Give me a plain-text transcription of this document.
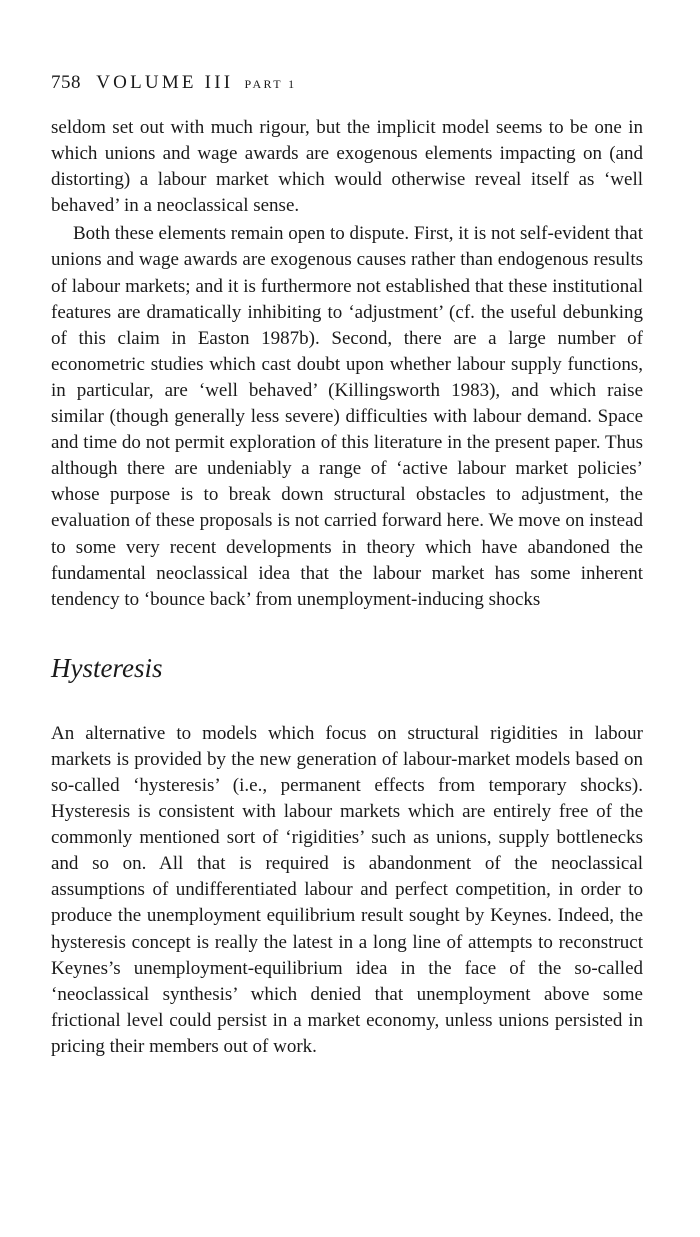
758 VOLUME III PART 1

seldom set out with much rigour, but the implicit model seems to be one in which unions and wage awards are exogenous elements impacting on (and distorting) a labour market which would otherwise reveal itself as ‘well behaved’ in a neoclassical sense.

Both these elements remain open to dispute. First, it is not self-evident that unions and wage awards are exogenous causes rather than endogenous results of labour markets; and it is furthermore not established that these institutional features are dramatically inhibiting to ‘adjustment’ (cf. the useful debunking of this claim in Easton 1987b). Second, there are a large number of econometric studies which cast doubt upon whether labour supply functions, in particular, are ‘well behaved’ (Killingsworth 1983), and which raise similar (though generally less severe) difficulties with labour demand. Space and time do not permit exploration of this literature in the present paper. Thus although there are undeniably a range of ‘active labour market policies’ whose purpose is to break down structural obstacles to adjustment, the evaluation of these proposals is not carried forward here. We move on instead to some very recent developments in theory which have abandoned the fundamental neoclassical idea that the labour market has some inherent tendency to ‘bounce back’ from unemployment-inducing shocks

Hysteresis

An alternative to models which focus on structural rigidities in labour markets is provided by the new generation of labour-market models based on so-called ‘hysteresis’ (i.e., permanent effects from temporary shocks). Hysteresis is consistent with labour markets which are entirely free of the commonly mentioned sort of ‘rigidities’ such as unions, supply bottlenecks and so on. All that is required is abandonment of the neoclassical assumptions of undifferentiated labour and perfect competition, in order to produce the unemployment equilibrium result sought by Keynes. Indeed, the hysteresis concept is really the latest in a long line of attempts to reconstruct Keynes’s unemployment-equilibrium idea in the face of the so-called ‘neoclassical synthesis’ which denied that unemployment above some frictional level could persist in a market economy, unless unions persisted in pricing their members out of work.
